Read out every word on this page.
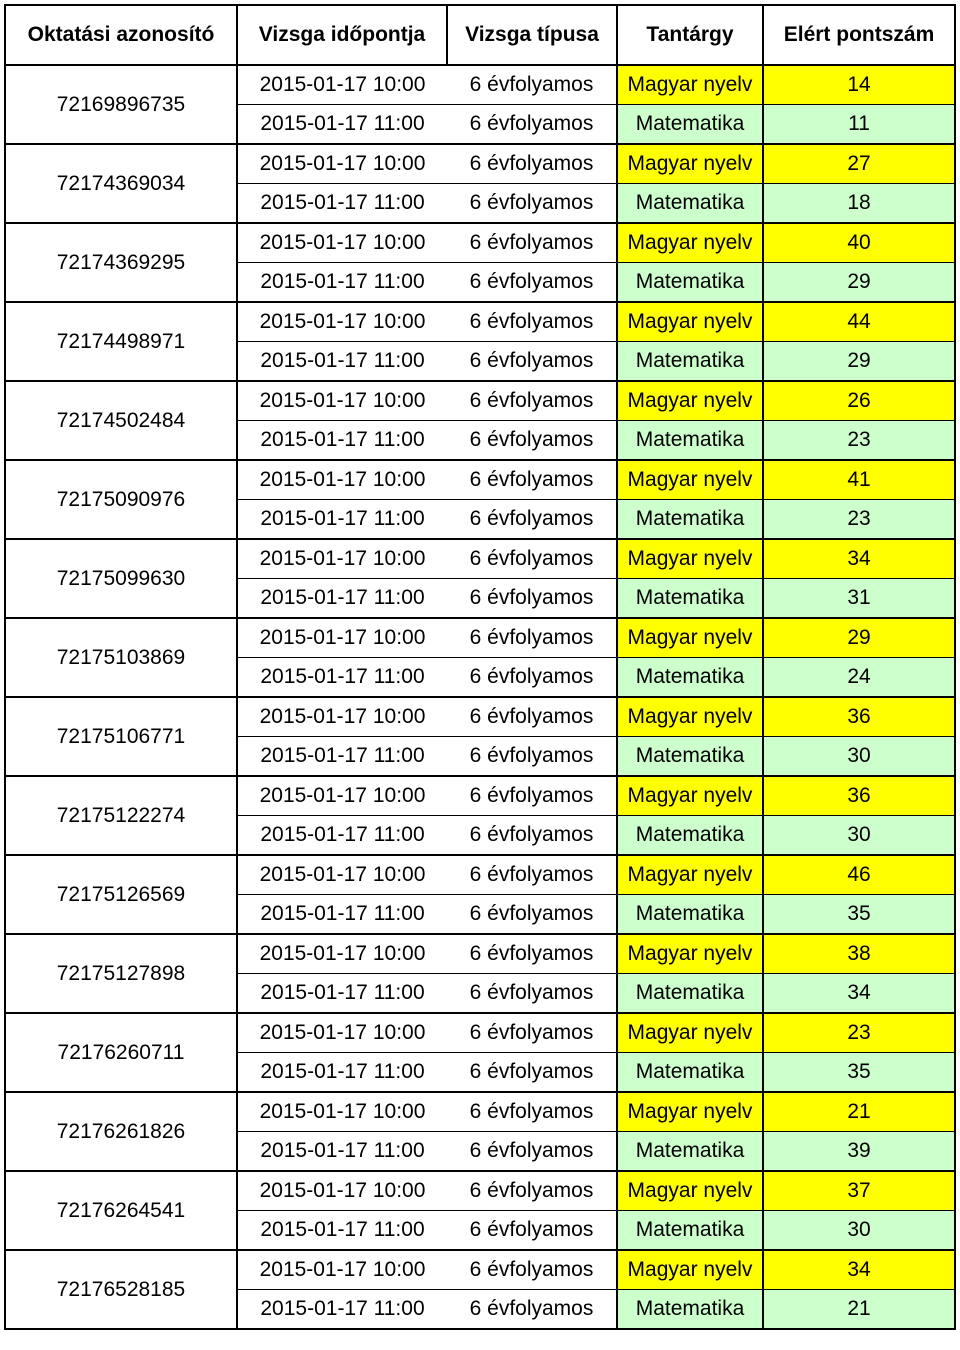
Oktatási azonosító	Vizsga időpontja	Vizsga típusa	Tantárgy	Elért pontszám
72169896735	2015-01-17 10:00	6 évfolyamos	Magyar nyelv	14
	2015-01-17 11:00	6 évfolyamos	Matematika	11
72174369034	2015-01-17 10:00	6 évfolyamos	Magyar nyelv	27
	2015-01-17 11:00	6 évfolyamos	Matematika	18
72174369295	2015-01-17 10:00	6 évfolyamos	Magyar nyelv	40
	2015-01-17 11:00	6 évfolyamos	Matematika	29
72174498971	2015-01-17 10:00	6 évfolyamos	Magyar nyelv	44
	2015-01-17 11:00	6 évfolyamos	Matematika	29
72174502484	2015-01-17 10:00	6 évfolyamos	Magyar nyelv	26
	2015-01-17 11:00	6 évfolyamos	Matematika	23
72175090976	2015-01-17 10:00	6 évfolyamos	Magyar nyelv	41
	2015-01-17 11:00	6 évfolyamos	Matematika	23
72175099630	2015-01-17 10:00	6 évfolyamos	Magyar nyelv	34
	2015-01-17 11:00	6 évfolyamos	Matematika	31
72175103869	2015-01-17 10:00	6 évfolyamos	Magyar nyelv	29
	2015-01-17 11:00	6 évfolyamos	Matematika	24
72175106771	2015-01-17 10:00	6 évfolyamos	Magyar nyelv	36
	2015-01-17 11:00	6 évfolyamos	Matematika	30
72175122274	2015-01-17 10:00	6 évfolyamos	Magyar nyelv	36
	2015-01-17 11:00	6 évfolyamos	Matematika	30
72175126569	2015-01-17 10:00	6 évfolyamos	Magyar nyelv	46
	2015-01-17 11:00	6 évfolyamos	Matematika	35
72175127898	2015-01-17 10:00	6 évfolyamos	Magyar nyelv	38
	2015-01-17 11:00	6 évfolyamos	Matematika	34
72176260711	2015-01-17 10:00	6 évfolyamos	Magyar nyelv	23
	2015-01-17 11:00	6 évfolyamos	Matematika	35
72176261826	2015-01-17 10:00	6 évfolyamos	Magyar nyelv	21
	2015-01-17 11:00	6 évfolyamos	Matematika	39
72176264541	2015-01-17 10:00	6 évfolyamos	Magyar nyelv	37
	2015-01-17 11:00	6 évfolyamos	Matematika	30
72176528185	2015-01-17 10:00	6 évfolyamos	Magyar nyelv	34
	2015-01-17 11:00	6 évfolyamos	Matematika	21
